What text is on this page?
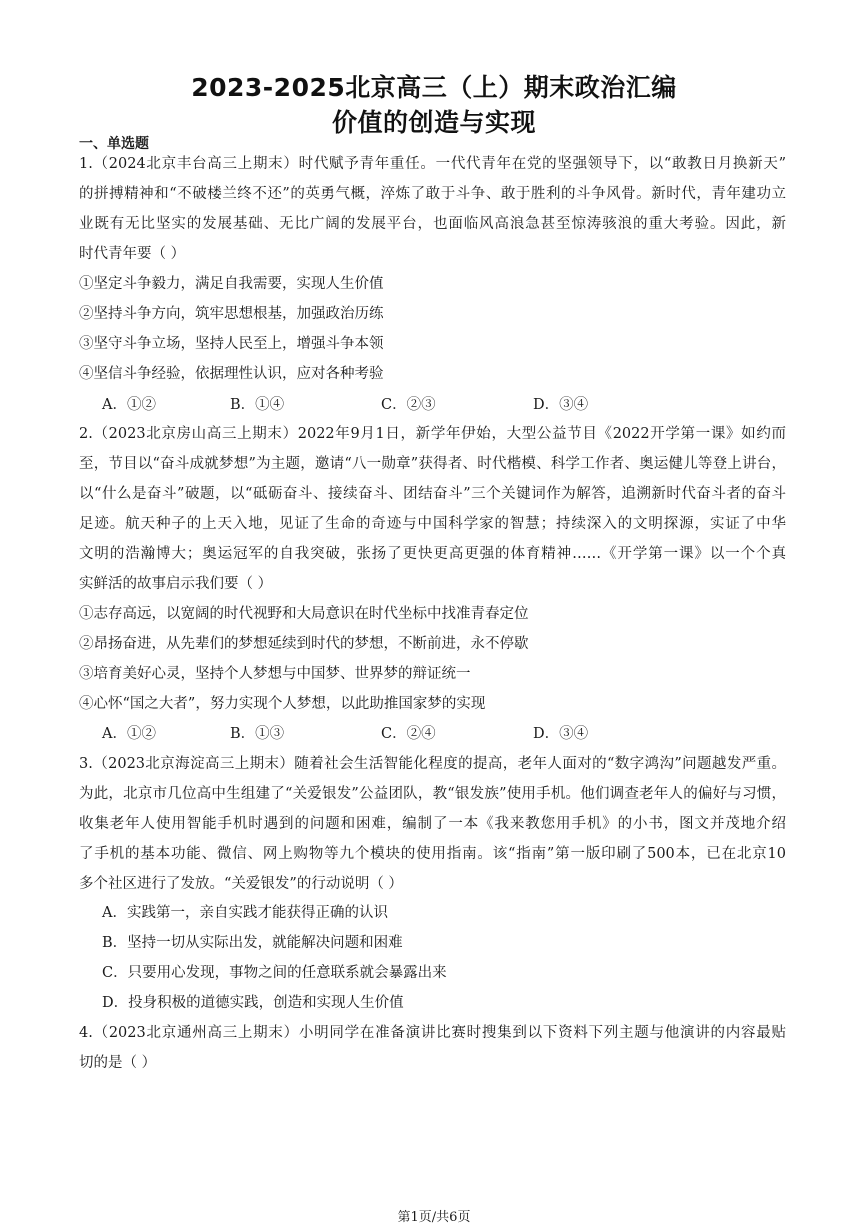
2023-2025北京高三（上）期末政治汇编
价值的创造与实现
一、单选题
1.（2024北京丰台高三上期末）时代赋予青年重任。一代代青年在党的坚强领导下，以“敢教日月换新天”
的拼搏精神和“不破楼兰终不还”的英勇气概，淬炼了敢于斗争、敢于胜利的斗争风骨。新时代，青年建功立
业既有无比坚实的发展基础、无比广阔的发展平台，也面临风高浪急甚至惊涛骇浪的重大考验。因此，新
时代青年要（ ）
①坚定斗争毅力，满足自我需要，实现人生价值
②坚持斗争方向，筑牢思想根基，加强政治历练
③坚守斗争立场，坚持人民至上，增强斗争本领
④坚信斗争经验，依据理性认识，应对各种考验
A．①②	B．①④	C．②③	D．③④
2.（2023北京房山高三上期末）2022年9月1日，新学年伊始，大型公益节目《2022开学第一课》如约而
至，节目以“奋斗成就梦想”为主题，邀请“八一勋章”获得者、时代楷模、科学工作者、奥运健儿等登上讲台，
以“什么是奋斗”破题，以“砥砺奋斗、接续奋斗、团结奋斗”三个关键词作为解答，追溯新时代奋斗者的奋斗
足迹。航天种子的上天入地，见证了生命的奇迹与中国科学家的智慧；持续深入的文明探源，实证了中华
文明的浩瀚博大；奥运冠军的自我突破，张扬了更快更高更强的体育精神……《开学第一课》以一个个真
实鲜活的故事启示我们要（ ）
①志存高远，以宽阔的时代视野和大局意识在时代坐标中找准青春定位
②昂扬奋进，从先辈们的梦想延续到时代的梦想，不断前进，永不停歇
③培育美好心灵，坚持个人梦想与中国梦、世界梦的辩证统一
④心怀“国之大者”，努力实现个人梦想，以此助推国家梦的实现
A．①②	B．①③	C．②④	D．③④
3.（2023北京海淀高三上期末）随着社会生活智能化程度的提高，老年人面对的“数字鸿沟”问题越发严重。
为此，北京市几位高中生组建了“关爱银发”公益团队，教“银发族”使用手机。他们调查老年人的偏好与习惯，
收集老年人使用智能手机时遇到的问题和困难，编制了一本《我来教您用手机》的小书，图文并茂地介绍
了手机的基本功能、微信、网上购物等九个模块的使用指南。该“指南”第一版印刷了500本，已在北京10
多个社区进行了发放。“关爱银发”的行动说明（ ）
A．实践第一，亲自实践才能获得正确的认识
B．坚持一切从实际出发，就能解决问题和困难
C．只要用心发现，事物之间的任意联系就会暴露出来
D．投身积极的道德实践，创造和实现人生价值
4.（2023北京通州高三上期末）小明同学在准备演讲比赛时搜集到以下资料下列主题与他演讲的内容最贴
切的是（ ）
第1页/共6页
